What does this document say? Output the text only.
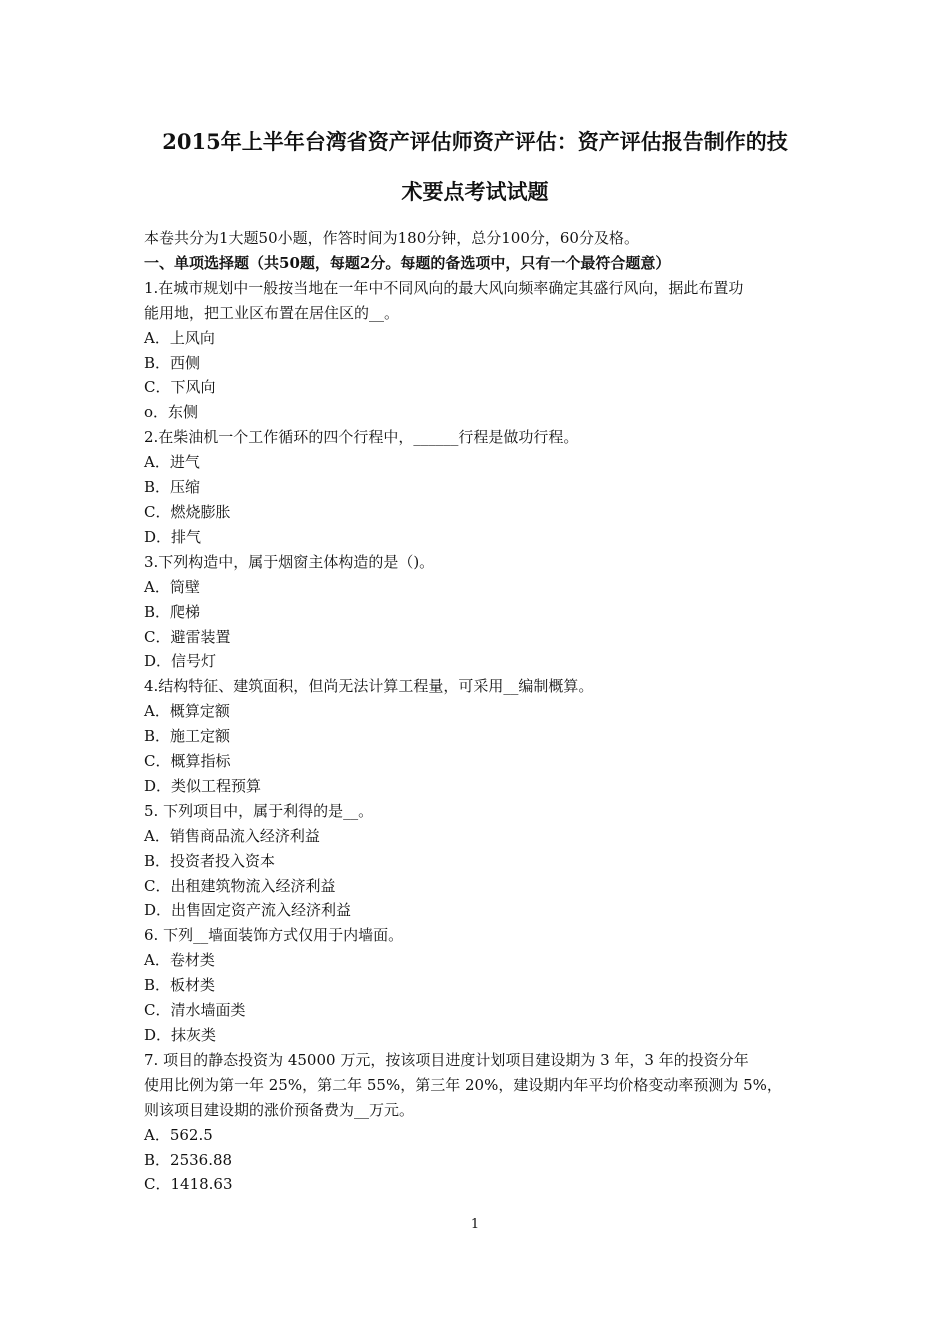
2015年上半年台湾省资产评估师资产评估：资产评估报告制作的技
术要点考试试题
本卷共分为1大题50小题，作答时间为180分钟，总分100分，60分及格。
一、单项选择题（共50题，每题2分。每题的备选项中，只有一个最符合题意）
1.在城市规划中一般按当地在一年中不同风向的最大风向频率确定其盛行风向，据此布置功
能用地，把工业区布置在居住区的__。
A．上风向
B．西侧
C．下风向
o．东侧
2.在柴油机一个工作循环的四个行程中，______行程是做功行程。
A．进气
B．压缩
C．燃烧膨胀
D．排气
3.下列构造中，属于烟窗主体构造的是（)。
A．筒壁
B．爬梯
C．避雷装置
D．信号灯
4.结构特征、建筑面积，但尚无法计算工程量，可采用__编制概算。
A．概算定额
B．施工定额
C．概算指标
D．类似工程预算
5. 下列项目中，属于利得的是__。
A．销售商品流入经济利益
B．投资者投入资本
C．出租建筑物流入经济利益
D．出售固定资产流入经济利益
6. 下列__墙面装饰方式仅用于内墙面。
A．卷材类
B．板材类
C．清水墙面类
D．抹灰类
7. 项目的静态投资为 45000 万元，按该项目进度计划项目建设期为 3 年，3 年的投资分年
使用比例为第一年 25%，第二年 55%，第三年 20%，建设期内年平均价格变动率预测为 5%，
则该项目建设期的涨价预备费为__万元。
A．562.5
B．2536.88
C．1418.63
1
